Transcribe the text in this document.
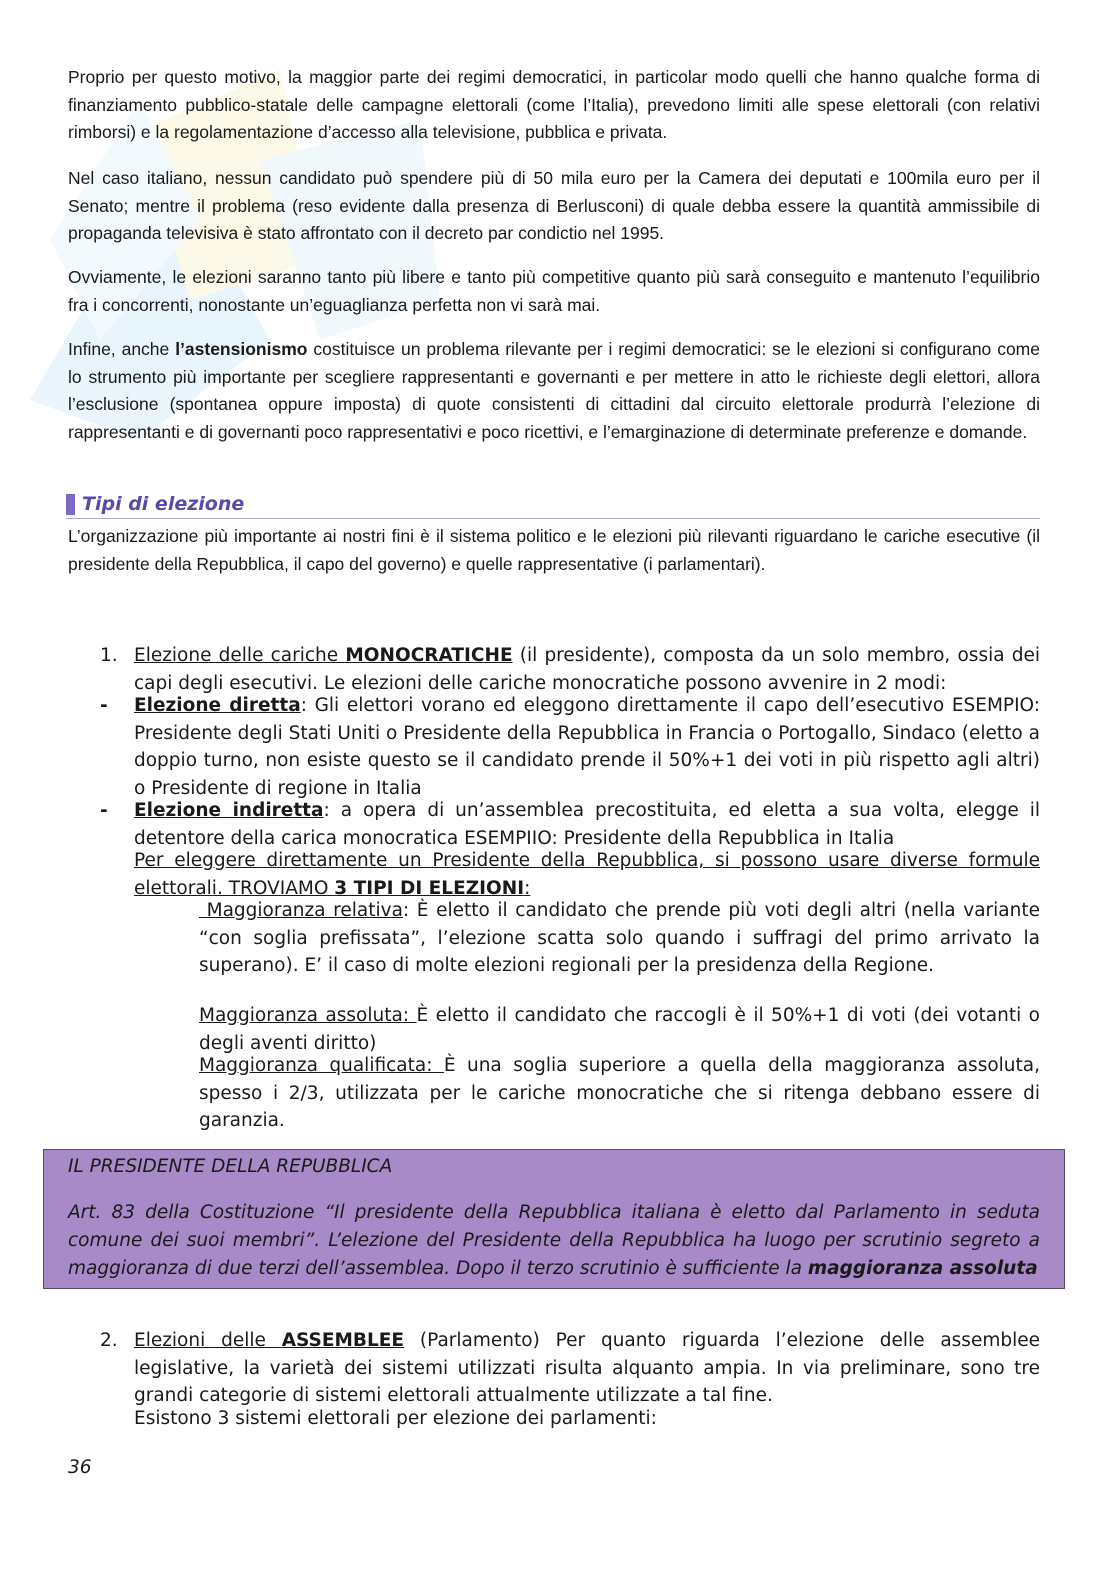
Proprio per questo motivo, la maggior parte dei regimi democratici, in particolar modo quelli che hanno qualche forma di finanziamento pubblico-statale delle campagne elettorali (come l’Italia), prevedono limiti alle spese elettorali (con relativi rimborsi) e la regolamentazione d’accesso alla televisione, pubblica e privata.

Nel caso italiano, nessun candidato può spendere più di 50 mila euro per la Camera dei deputati e 100mila euro per il Senato; mentre il problema (reso evidente dalla presenza di Berlusconi) di quale debba essere la quantità ammissibile di propaganda televisiva è stato affrontato con il decreto par condictio nel 1995.

Ovviamente, le elezioni saranno tanto più libere e tanto più competitive quanto più sarà conseguito e mantenuto l’equilibrio fra i concorrenti, nonostante un’eguaglianza perfetta non vi sarà mai.

Infine, anche l’astensionismo costituisce un problema rilevante per i regimi democratici: se le elezioni si configurano come lo strumento più importante per scegliere rappresentanti e governanti e per mettere in atto le richieste degli elettori, allora l’esclusione (spontanea oppure imposta) di quote consistenti di cittadini dal circuito elettorale produrrà l’elezione di rappresentanti e di governanti poco rappresentativi e poco ricettivi, e l’emarginazione di determinate preferenze e domande.

Tipi di elezione

L’organizzazione più importante ai nostri fini è il sistema politico e le elezioni più rilevanti riguardano le cariche esecutive (il presidente della Repubblica, il capo del governo) e quelle rappresentative (i parlamentari).

1. Elezione delle cariche MONOCRATICHE (il presidente), composta da un solo membro, ossia dei capi degli esecutivi. Le elezioni delle cariche monocratiche possono avvenire in 2 modi:

- Elezione diretta: Gli elettori vorano ed eleggono direttamente il capo dell’esecutivo ESEMPIO: Presidente degli Stati Uniti o Presidente della Repubblica in Francia o Portogallo, Sindaco (eletto a doppio turno, non esiste questo se il candidato prende il 50%+1 dei voti in più rispetto agli altri) o Presidente di regione in Italia

- Elezione indiretta: a opera di un’assemblea precostituita, ed eletta a sua volta, elegge il detentore della carica monocratica ESEMPIIO: Presidente della Repubblica in Italia

Per eleggere direttamente un Presidente della Repubblica, si possono usare diverse formule elettorali. TROVIAMO 3 TIPI DI ELEZIONI:

Maggioranza relativa: È eletto il candidato che prende più voti degli altri (nella variante “con soglia prefissata”, l’elezione scatta solo quando i suffragi del primo arrivato la superano). E’ il caso di molte elezioni regionali per la presidenza della Regione.

Maggioranza assoluta: È eletto il candidato che raccogli è il 50%+1 di voti (dei votanti o degli aventi diritto)

Maggioranza qualificata: È una soglia superiore a quella della maggioranza assoluta, spesso i 2/3, utilizzata per le cariche monocratiche che si ritenga debbano essere di garanzia.

IL PRESIDENTE DELLA REPUBBLICA

Art. 83 della Costituzione “Il presidente della Repubblica italiana è eletto dal Parlamento in seduta comune dei suoi membri”. L’elezione del Presidente della Repubblica ha luogo per scrutinio segreto a maggioranza di due terzi dell’assemblea. Dopo il terzo scrutinio è sufficiente la maggioranza assoluta

2. Elezioni delle ASSEMBLEE (Parlamento) Per quanto riguarda l’elezione delle assemblee legislative, la varietà dei sistemi utilizzati risulta alquanto ampia. In via preliminare, sono tre grandi categorie di sistemi elettorali attualmente utilizzate a tal fine.

Esistono 3 sistemi elettorali per elezione dei parlamenti:

36
